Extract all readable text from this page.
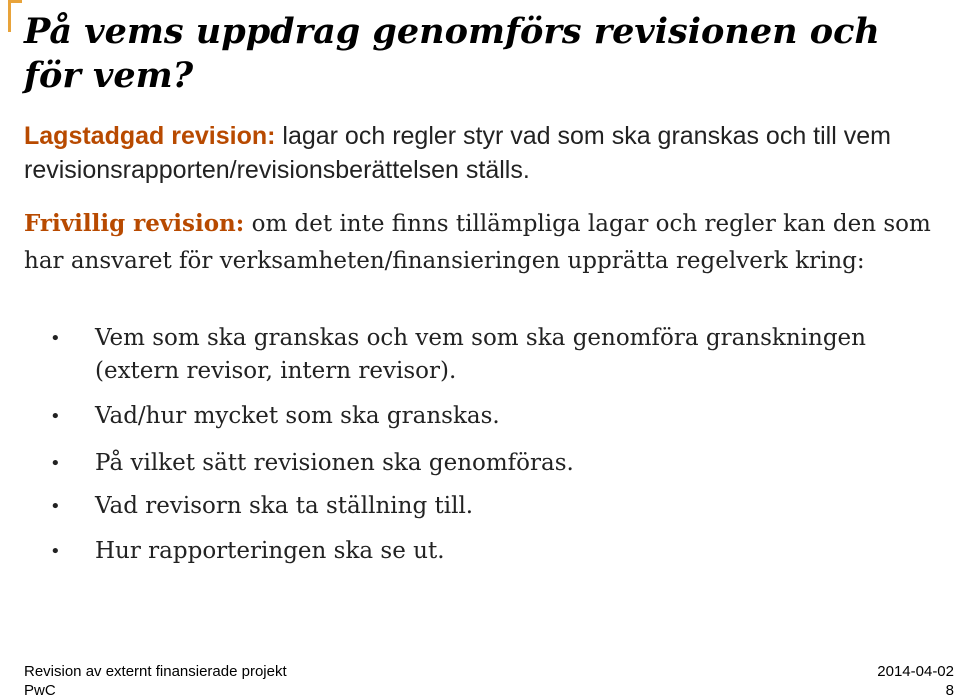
På vems uppdrag genomförs revisionen och för vem?

Lagstadgad revision: lagar och regler styr vad som ska granskas och till vem revisionsrapporten/revisionsberättelsen ställs.

Frivillig revision: om det inte finns tillämpliga lagar och regler kan den som har ansvaret för verksamheten/finansieringen upprätta regelverk kring:

• Vem som ska granskas och vem som ska genomföra granskningen (extern revisor, intern revisor).
• Vad/hur mycket som ska granskas.
• På vilket sätt revisionen ska genomföras.
• Vad revisorn ska ta ställning till.
• Hur rapporteringen ska se ut.
Revision av externt finansierade projekt	2014-04-02
PwC	8
